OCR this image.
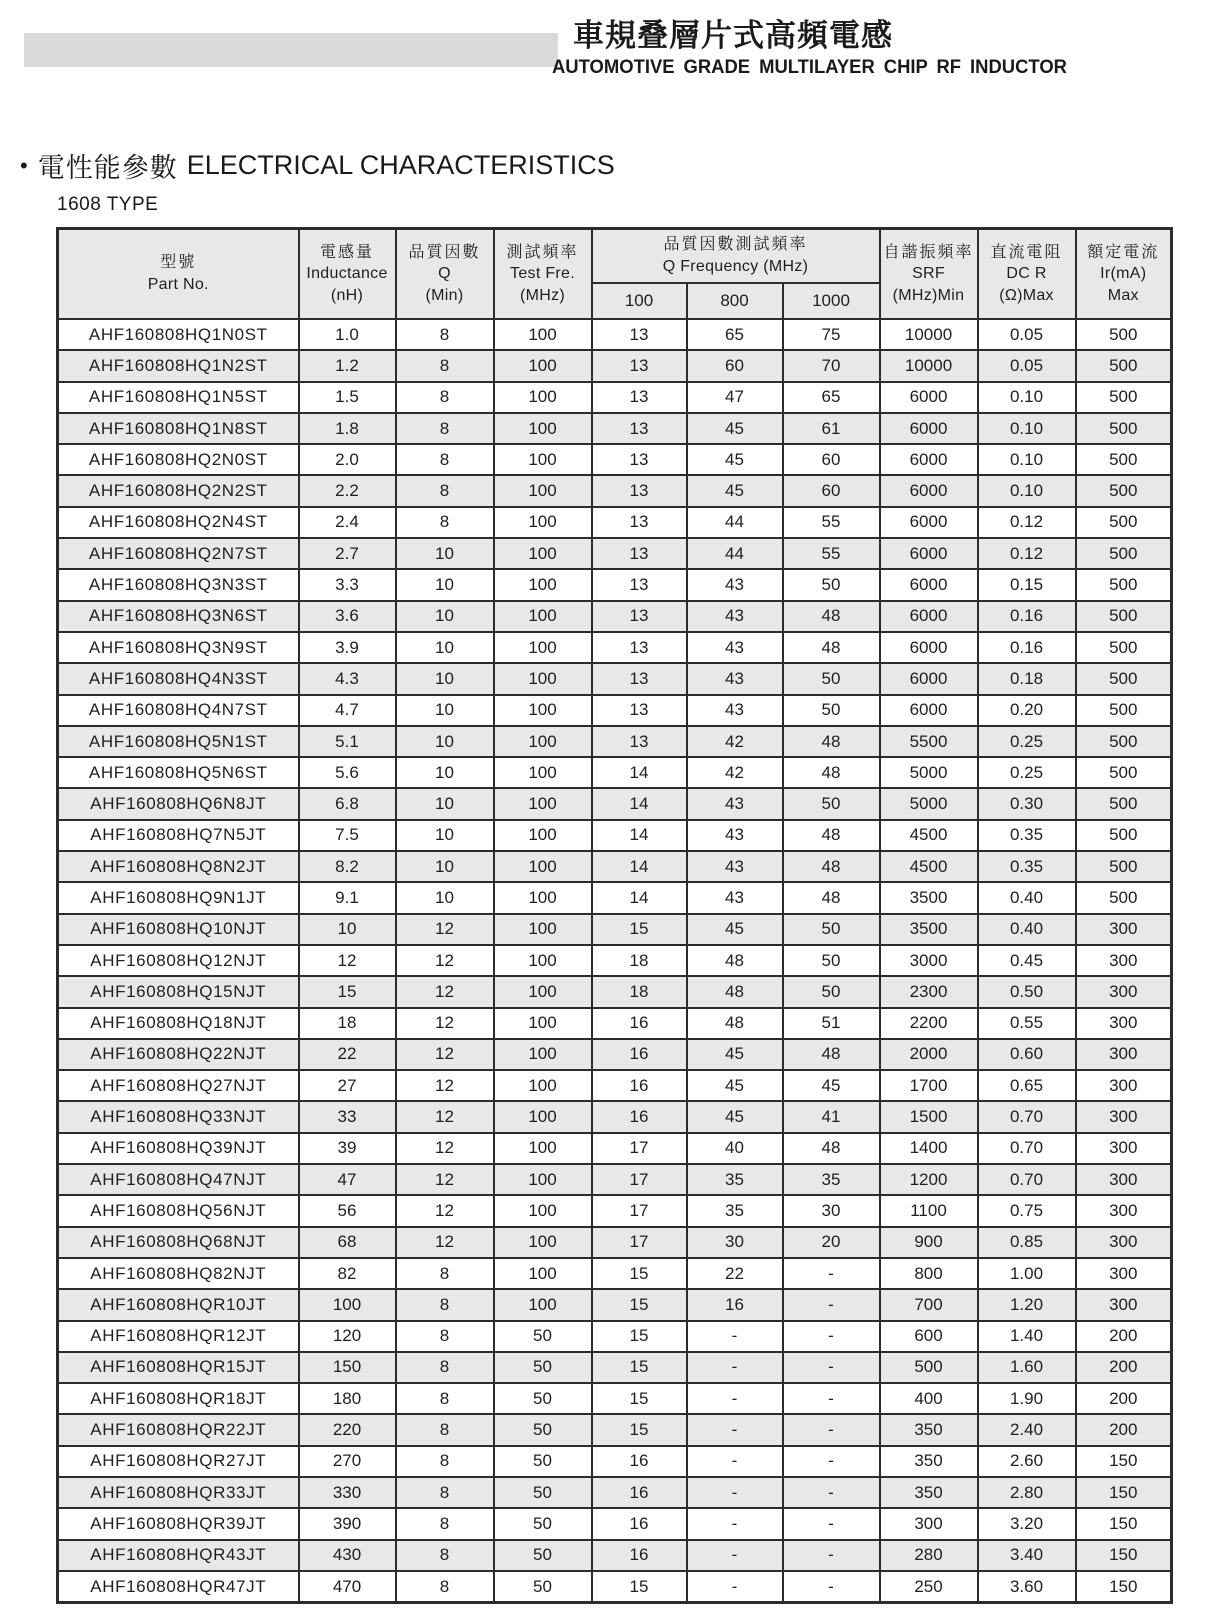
車規叠層片式高頻電感
AUTOMOTIVE GRADE MULTILAYER CHIP RF INDUCTOR
• 電性能參數 ELECTRICAL CHARACTERISTICS
1608 TYPE
型號
Part No.

電感量
Inductance
(nH)

品質因數
Q
(Min)

測試頻率
Test Fre.
(MHz)

品質因數測試頻率
Q Frequency (MHz)

自諧振頻率
SRF
(MHz)Min

直流電阻
DC R
(Ω)Max

額定電流
Ir(mA)
Max

				100	800	1000			
AHF160808HQ1N0ST	1.0	8	100	13	65	75	10000	0.05	500
AHF160808HQ1N2ST	1.2	8	100	13	60	70	10000	0.05	500
AHF160808HQ1N5ST	1.5	8	100	13	47	65	6000	0.10	500
AHF160808HQ1N8ST	1.8	8	100	13	45	61	6000	0.10	500
AHF160808HQ2N0ST	2.0	8	100	13	45	60	6000	0.10	500
AHF160808HQ2N2ST	2.2	8	100	13	45	60	6000	0.10	500
AHF160808HQ2N4ST	2.4	8	100	13	44	55	6000	0.12	500
AHF160808HQ2N7ST	2.7	10	100	13	44	55	6000	0.12	500
AHF160808HQ3N3ST	3.3	10	100	13	43	50	6000	0.15	500
AHF160808HQ3N6ST	3.6	10	100	13	43	48	6000	0.16	500
AHF160808HQ3N9ST	3.9	10	100	13	43	48	6000	0.16	500
AHF160808HQ4N3ST	4.3	10	100	13	43	50	6000	0.18	500
AHF160808HQ4N7ST	4.7	10	100	13	43	50	6000	0.20	500
AHF160808HQ5N1ST	5.1	10	100	13	42	48	5500	0.25	500
AHF160808HQ5N6ST	5.6	10	100	14	42	48	5000	0.25	500
AHF160808HQ6N8JT	6.8	10	100	14	43	50	5000	0.30	500
AHF160808HQ7N5JT	7.5	10	100	14	43	48	4500	0.35	500
AHF160808HQ8N2JT	8.2	10	100	14	43	48	4500	0.35	500
AHF160808HQ9N1JT	9.1	10	100	14	43	48	3500	0.40	500
AHF160808HQ10NJT	10	12	100	15	45	50	3500	0.40	300
AHF160808HQ12NJT	12	12	100	18	48	50	3000	0.45	300
AHF160808HQ15NJT	15	12	100	18	48	50	2300	0.50	300
AHF160808HQ18NJT	18	12	100	16	48	51	2200	0.55	300
AHF160808HQ22NJT	22	12	100	16	45	48	2000	0.60	300
AHF160808HQ27NJT	27	12	100	16	45	45	1700	0.65	300
AHF160808HQ33NJT	33	12	100	16	45	41	1500	0.70	300
AHF160808HQ39NJT	39	12	100	17	40	48	1400	0.70	300
AHF160808HQ47NJT	47	12	100	17	35	35	1200	0.70	300
AHF160808HQ56NJT	56	12	100	17	35	30	1100	0.75	300
AHF160808HQ68NJT	68	12	100	17	30	20	900	0.85	300
AHF160808HQ82NJT	82	8	100	15	22	-	800	1.00	300
AHF160808HQR10JT	100	8	100	15	16	-	700	1.20	300
AHF160808HQR12JT	120	8	50	15	-	-	600	1.40	200
AHF160808HQR15JT	150	8	50	15	-	-	500	1.60	200
AHF160808HQR18JT	180	8	50	15	-	-	400	1.90	200
AHF160808HQR22JT	220	8	50	15	-	-	350	2.40	200
AHF160808HQR27JT	270	8	50	16	-	-	350	2.60	150
AHF160808HQR33JT	330	8	50	16	-	-	350	2.80	150
AHF160808HQR39JT	390	8	50	16	-	-	300	3.20	150
AHF160808HQR43JT	430	8	50	16	-	-	280	3.40	150
AHF160808HQR47JT	470	8	50	15	-	-	250	3.60	150
